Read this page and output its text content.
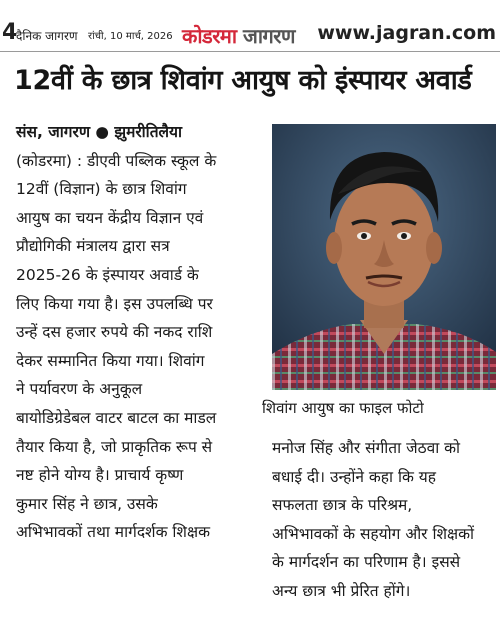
4
दैनिक जागरण रांची, 10 मार्च, 2026 कोडरमा जागरण www.jagran.com
12वीं के छात्र शिवांग आयुष को इंस्पायर अवार्ड
संस, जागरण ● झुमरीतिलैया
(कोडरमा) : डीएवी पब्लिक स्कूल के
12वीं (विज्ञान) के छात्र शिवांग
आयुष का चयन केंद्रीय विज्ञान एवं
प्रौद्योगिकी मंत्रालय द्वारा सत्र
2025-26 के इंस्पायर अवार्ड के
लिए किया गया है। इस उपलब्धि पर
उन्हें दस हजार रुपये की नकद राशि
देकर सम्मानित किया गया। शिवांग
ने पर्यावरण के अनुकूल
बायोडिग्रेडेबल वाटर बाटल का माडल
तैयार किया है, जो प्राकृतिक रूप से
नष्ट होने योग्य है। प्राचार्य कृष्ण
कुमार सिंह ने छात्र, उसके
अभिभावकों तथा मार्गदर्शक शिक्षक
शिवांग आयुष का फाइल फोटो
मनोज सिंह और संगीता जेठवा को
बधाई दी। उन्होंने कहा कि यह
सफलता छात्र के परिश्रम,
अभिभावकों के सहयोग और शिक्षकों
के मार्गदर्शन का परिणाम है। इससे
अन्य छात्र भी प्रेरित होंगे।
